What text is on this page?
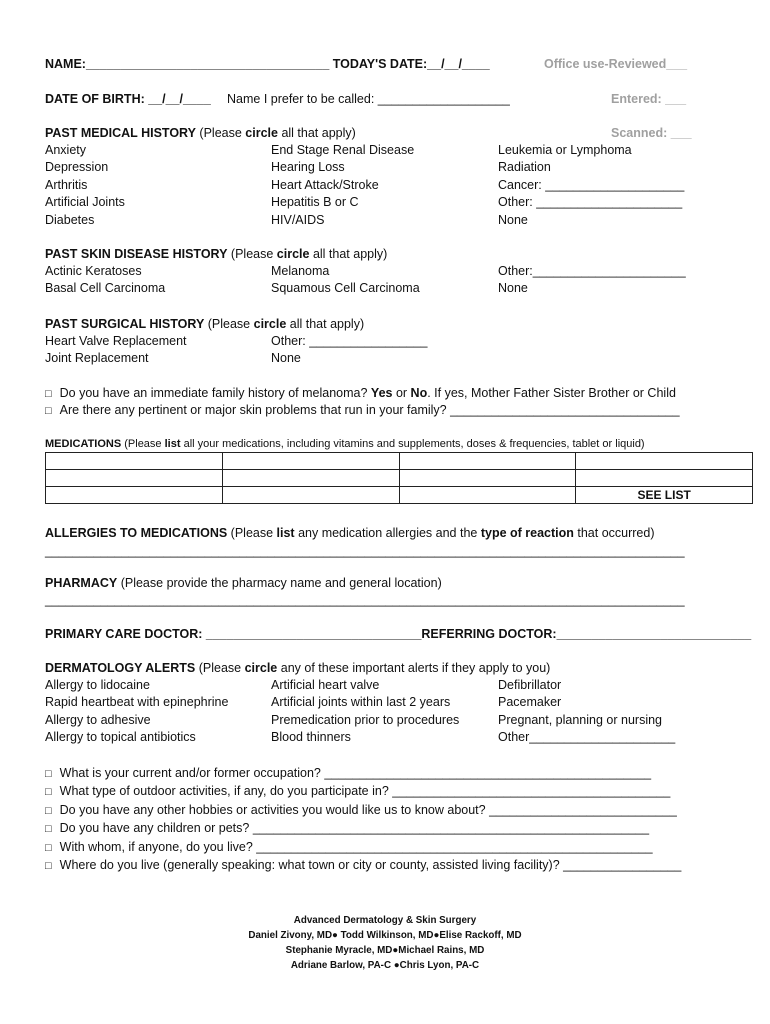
NAME:___________________________________ TODAY'S DATE:__/__/____	Office use-Reviewed___
DATE OF BIRTH: __/__/____ Name I prefer to be called: ___________________	Entered: ___
PAST MEDICAL HISTORY (Please circle all that apply)	Scanned: ___
Anxiety
Depression
Arthritis
Artificial Joints
Diabetes
End Stage Renal Disease
Hearing Loss
Heart Attack/Stroke
Hepatitis B or C
HIV/AIDS
Leukemia or Lymphoma
Radiation
Cancer: ____________________
Other: _____________________
None
PAST SKIN DISEASE HISTORY (Please circle all that apply)
Actinic Keratoses
Basal Cell Carcinoma
Melanoma
Squamous Cell Carcinoma
Other:______________________
None
PAST SURGICAL HISTORY (Please circle all that apply)
Heart Valve Replacement
Joint Replacement
Other: _________________
None
□ Do you have an immediate family history of melanoma? Yes or No. If yes, Mother Father Sister Brother or Child
□ Are there any pertinent or major skin problems that run in your family? _________________________________
MEDICATIONS (Please list all your medications, including vitamins and supplements, doses & frequencies, tablet or liquid)

			SEE LIST
ALLERGIES TO MEDICATIONS (Please list any medication allergies and the type of reaction that occurred)
____________________________________________________________________________________________
PHARMACY (Please provide the pharmacy name and general location)
____________________________________________________________________________________________
PRIMARY CARE DOCTOR: _______________________________REFERRING DOCTOR:____________________________
DERMATOLOGY ALERTS (Please circle any of these important alerts if they apply to you)
Allergy to lidocaine
Rapid heartbeat with epinephrine
Allergy to adhesive
Allergy to topical antibiotics
Artificial heart valve
Artificial joints within last 2 years
Premedication prior to procedures
Blood thinners
Defibrillator
Pacemaker
Pregnant, planning or nursing
Other_____________________
□ What is your current and/or former occupation? _______________________________________________
□ What type of outdoor activities, if any, do you participate in? ________________________________________
□ Do you have any other hobbies or activities you would like us to know about? ___________________________
□ Do you have any children or pets? _________________________________________________________
□ With whom, if anyone, do you live? _________________________________________________________
□ Where do you live (generally speaking: what town or city or county, assisted living facility)? _________________
Advanced Dermatology & Skin Surgery
Daniel Zivony, MD● Todd Wilkinson, MD●Elise Rackoff, MD
Stephanie Myracle, MD●Michael Rains, MD
Adriane Barlow, PA-C ●Chris Lyon, PA-C
